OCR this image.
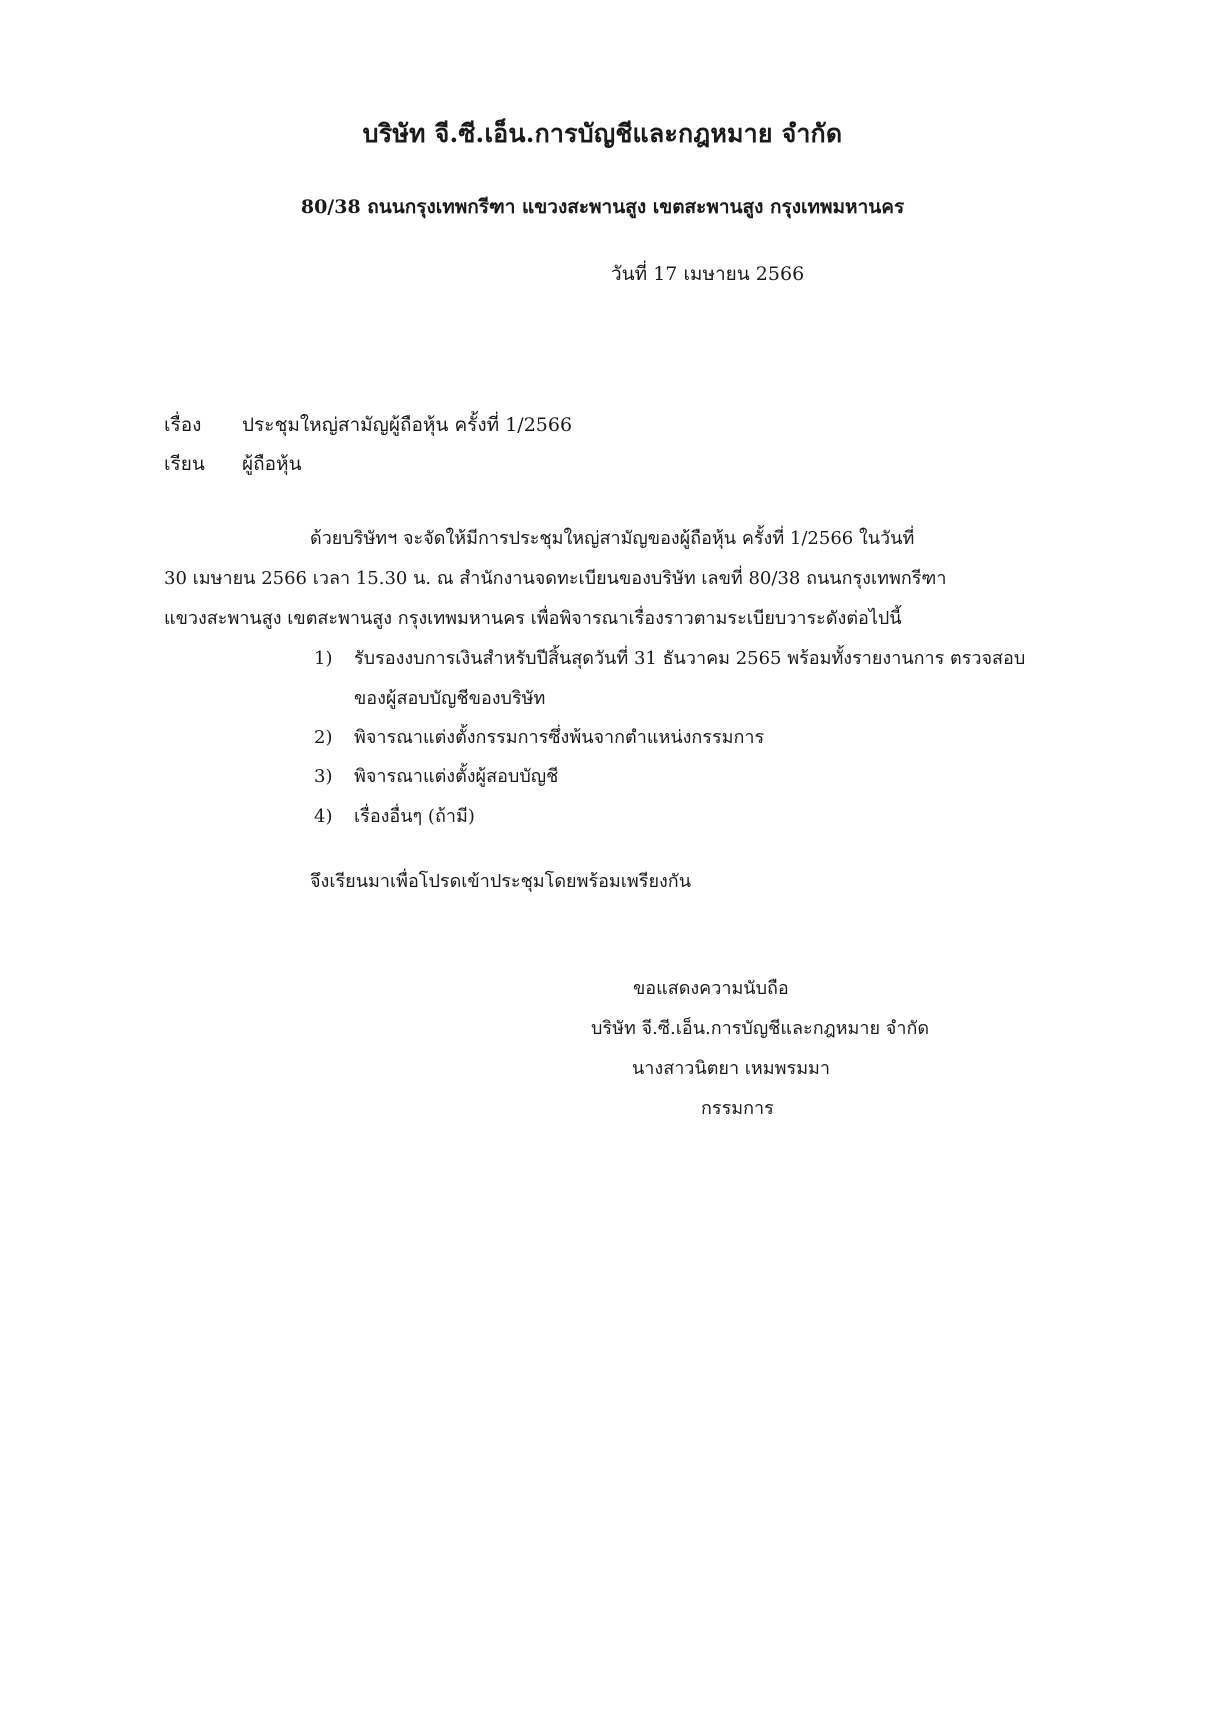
บริษัท จี.ซี.เอ็น.การบัญชีและกฎหมาย จำกัด
80/38 ถนนกรุงเทพกรีฑา แขวงสะพานสูง เขตสะพานสูง กรุงเทพมหานคร
วันที่ 17 เมษายน 2566
เรื่อง ประชุมใหญ่สามัญผู้ถือหุ้น ครั้งที่ 1/2566
เรียน ผู้ถือหุ้น
ด้วยบริษัทฯ จะจัดให้มีการประชุมใหญ่สามัญของผู้ถือหุ้น ครั้งที่ 1/2566 ในวันที่
30 เมษายน 2566 เวลา 15.30 น. ณ สำนักงานจดทะเบียนของบริษัท เลขที่ 80/38 ถนนกรุงเทพกรีฑา
แขวงสะพานสูง เขตสะพานสูง กรุงเทพมหานคร เพื่อพิจารณาเรื่องราวตามระเบียบวาระดังต่อไปนี้
1) รับรองงบการเงินสำหรับปีสิ้นสุดวันที่ 31 ธันวาคม 2565 พร้อมทั้งรายงานการ ตรวจสอบ
ของผู้สอบบัญชีของบริษัท
2) พิจารณาแต่งตั้งกรรมการซึ่งพ้นจากตำแหน่งกรรมการ
3) พิจารณาแต่งตั้งผู้สอบบัญชี
4) เรื่องอื่นๆ (ถ้ามี)
จึงเรียนมาเพื่อโปรดเข้าประชุมโดยพร้อมเพรียงกัน
ขอแสดงความนับถือ
บริษัท จี.ซี.เอ็น.การบัญชีและกฎหมาย จำกัด
นางสาวนิตยา เหมพรมมา
กรรมการ
